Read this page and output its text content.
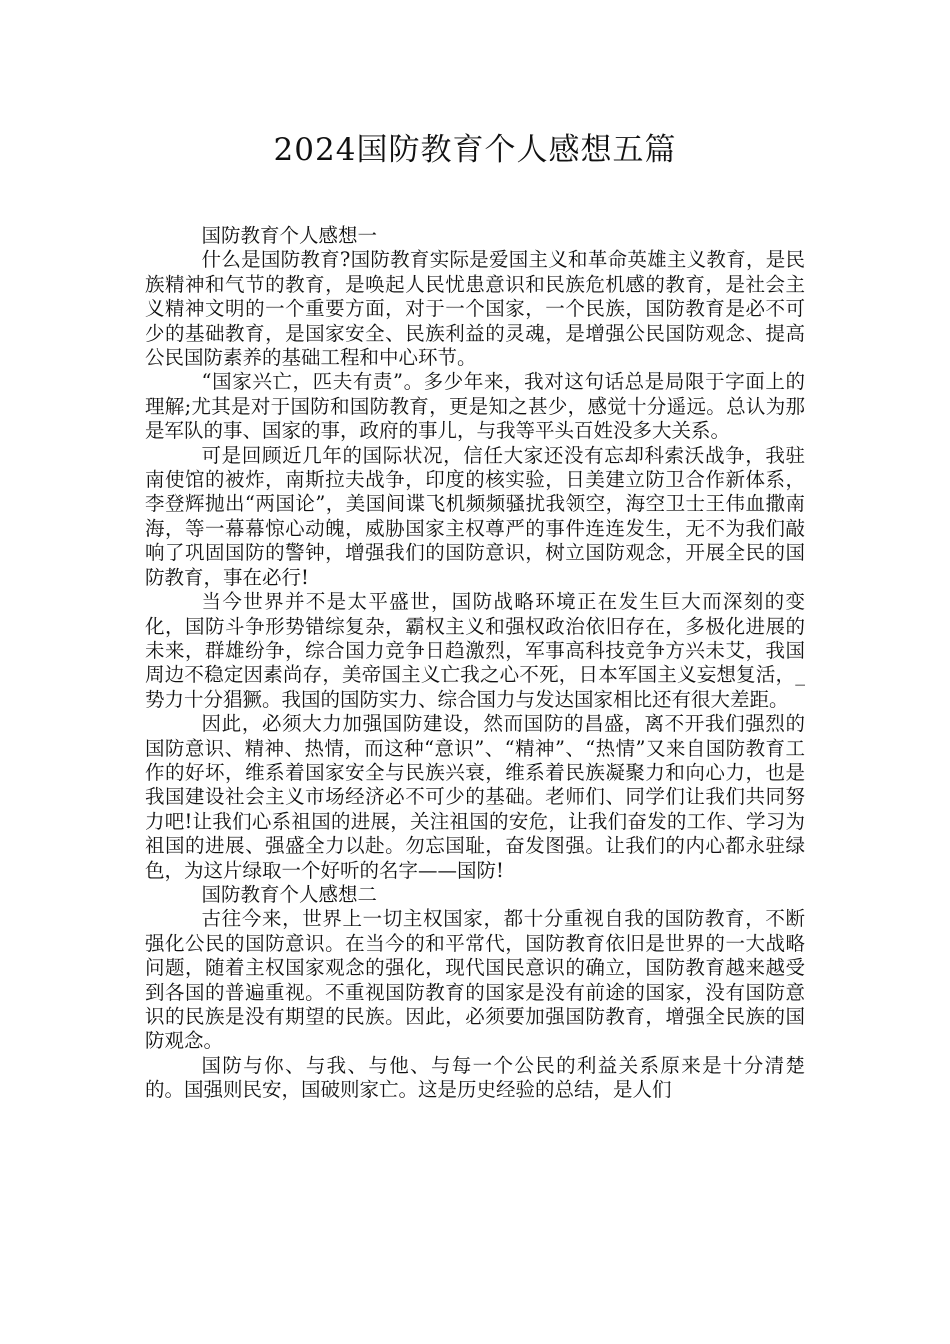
2024国防教育个人感想五篇

国防教育个人感想一

什么是国防教育?国防教育实际是爱国主义和革命英雄主义教育，是民族精神和气节的教育，是唤起人民忧患意识和民族危机感的教育，是社会主义精神文明的一个重要方面，对于一个国家，一个民族，国防教育是必不可少的基础教育，是国家安全、民族利益的灵魂，是增强公民国防观念、提高公民国防素养的基础工程和中心环节。

“国家兴亡，匹夫有责”。多少年来，我对这句话总是局限于字面上的理解;尤其是对于国防和国防教育，更是知之甚少，感觉十分遥远。总认为那是军队的事、国家的事，政府的事儿，与我等平头百姓没多大关系。

可是回顾近几年的国际状况，信任大家还没有忘却科索沃战争，我驻南使馆的被炸，南斯拉夫战争，印度的核实验，日美建立防卫合作新体系，李登辉抛出“两国论”，美国间谍飞机频频骚扰我领空，海空卫士王伟血撒南海，等一幕幕惊心动魄，威胁国家主权尊严的事件连连发生，无不为我们敲响了巩固国防的警钟，增强我们的国防意识，树立国防观念，开展全民的国防教育，事在必行!

当今世界并不是太平盛世，国防战略环境正在发生巨大而深刻的变化，国防斗争形势错综复杂，霸权主义和强权政治依旧存在，多极化进展的未来，群雄纷争，综合国力竞争日趋激烈，军事高科技竞争方兴未艾，我国周边不稳定因素尚存，美帝国主义亡我之心不死，日本军国主义妄想复活，_势力十分猖獗。我国的国防实力、综合国力与发达国家相比还有很大差距。

因此，必须大力加强国防建设，然而国防的昌盛，离不开我们强烈的国防意识、精神、热情，而这种“意识”、“精神”、“热情”又来自国防教育工作的好坏，维系着国家安全与民族兴衰，维系着民族凝聚力和向心力，也是我国建设社会主义市场经济必不可少的基础。老师们、同学们让我们共同努力吧!让我们心系祖国的进展，关注祖国的安危，让我们奋发的工作、学习为祖国的进展、强盛全力以赴。勿忘国耻，奋发图强。让我们的内心都永驻绿色，为这片绿取一个好听的名字——国防!

国防教育个人感想二

古往今来，世界上一切主权国家，都十分重视自我的国防教育，不断强化公民的国防意识。在当今的和平常代，国防教育依旧是世界的一大战略问题，随着主权国家观念的强化，现代国民意识的确立，国防教育越来越受到各国的普遍重视。不重视国防教育的国家是没有前途的国家，没有国防意识的民族是没有期望的民族。因此，必须要加强国防教育，增强全民族的国防观念。

国防与你、与我、与他、与每一个公民的利益关系原来是十分清楚的。国强则民安，国破则家亡。这是历史经验的总结，是人们
